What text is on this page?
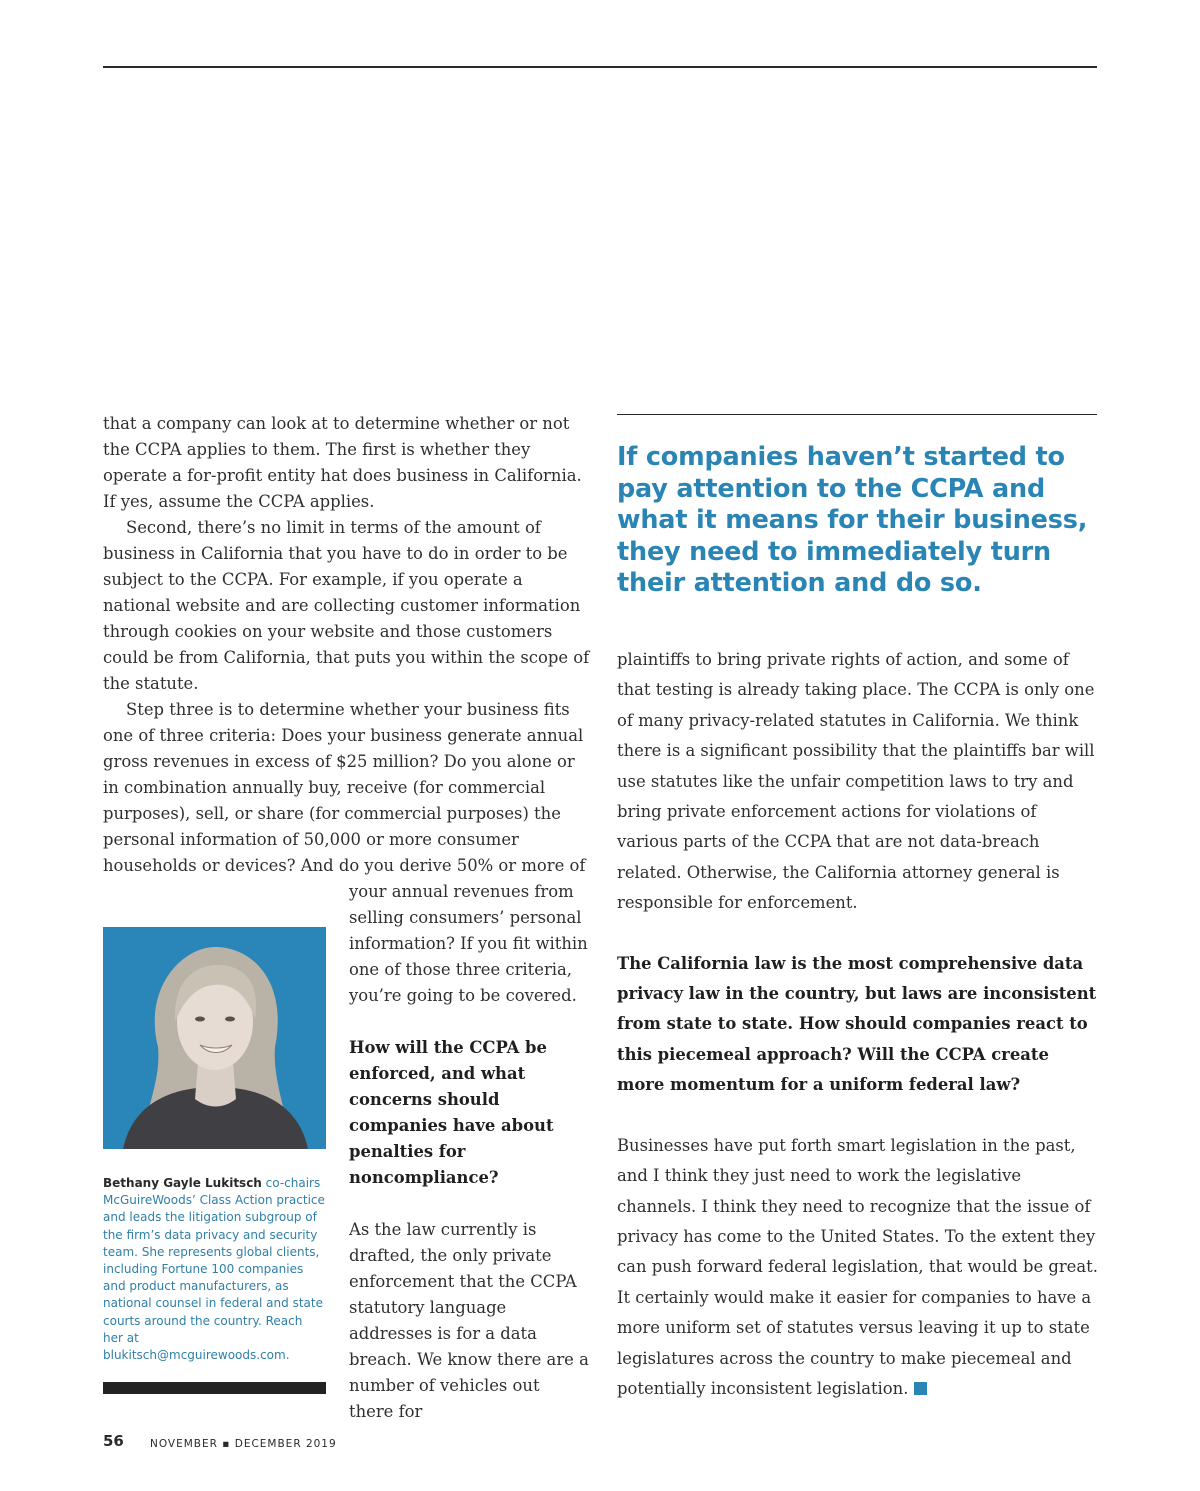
that a company can look at to determine whether or not the CCPA applies to them. The first is whether they operate a for-profit entity hat does business in California. If yes, assume the CCPA applies.

Second, there’s no limit in terms of the amount of business in California that you have to do in order to be subject to the CCPA. For example, if you operate a national website and are collecting customer information through cookies on your website and those customers could be from California, that puts you within the scope of the statute.

Step three is to determine whether your business fits one of three criteria: Does your business generate annual gross revenues in excess of $25 million? Do you alone or in combination annually buy, receive (for commercial purposes), sell, or share (for commercial purposes) the personal information of 50,000 or more consumer households or devices? And do you derive 50% or more of

your annual revenues from selling consumers’ personal information? If you fit within one of those three criteria, you’re going to be covered.

How will the CCPA be enforced, and what concerns should companies have about penalties for noncompliance?

As the law currently is drafted, the only private enforcement that the CCPA statutory language addresses is for a data breach. We know there are a number of vehicles out there for

Bethany Gayle Lukitsch co-chairs McGuireWoods’ Class Action practice and leads the litigation subgroup of the firm’s data privacy and security team. She represents global clients, including Fortune 100 companies and product manufacturers, as national counsel in federal and state courts around the country. Reach her at blukitsch@mcguirewoods.com.
If companies haven’t started to pay attention to the CCPA and what it means for their business, they need to immediately turn their attention and do so.

plaintiffs to bring private rights of action, and some of that testing is already taking place. The CCPA is only one of many privacy-related statutes in California. We think there is a significant possibility that the plaintiffs bar will use statutes like the unfair competition laws to try and bring private enforcement actions for violations of various parts of the CCPA that are not data-breach related. Otherwise, the California attorney general is responsible for enforcement.

The California law is the most comprehensive data privacy law in the country, but laws are inconsistent from state to state. How should companies react to this piecemeal approach? Will the CCPA create more momentum for a uniform federal law?

Businesses have put forth smart legislation in the past, and I think they just need to work the legislative channels. I think they need to recognize that the issue of privacy has come to the United States. To the extent they can push forward federal legislation, that would be great. It certainly would make it easier for companies to have a more uniform set of statutes versus leaving it up to state legislatures across the country to make piecemeal and potentially inconsistent legislation.

56 NOVEMBER ▪ DECEMBER 2019
